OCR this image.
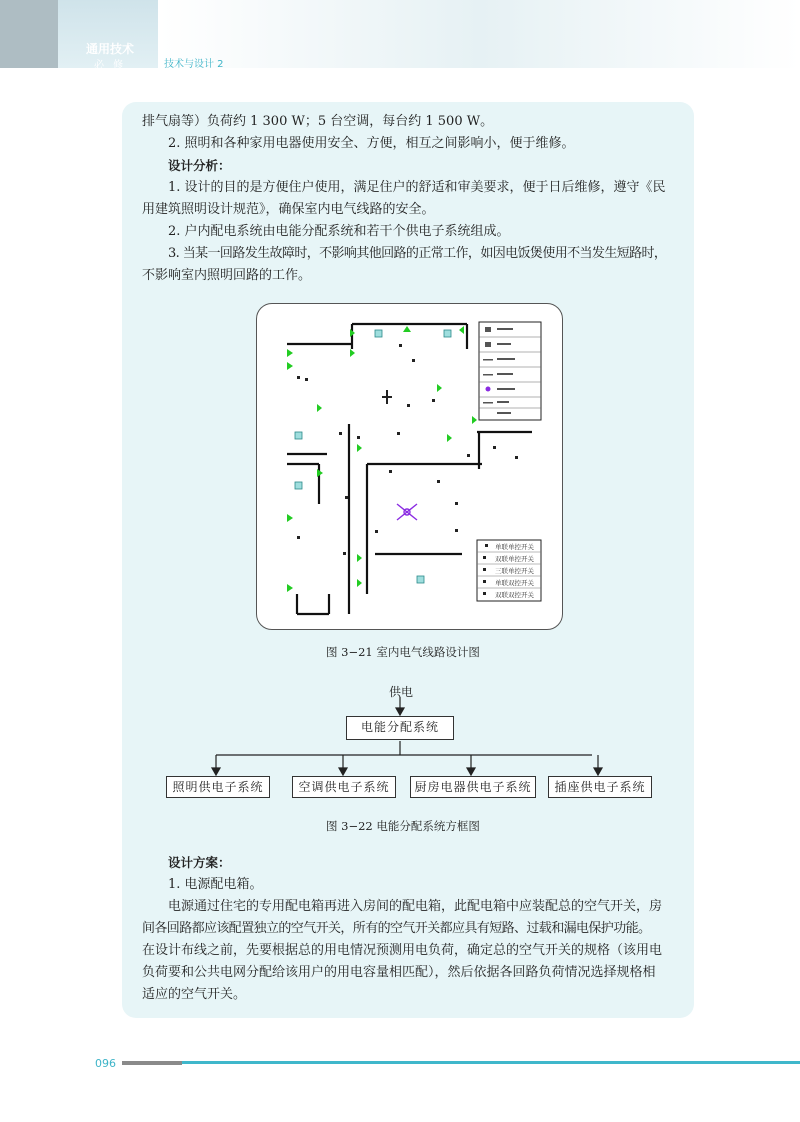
通用技术
必 修	技术与设计 2

排气扇等）负荷约 1 300 W；5 台空调，每台约 1 500 W。

2. 照明和各种家用电器使用安全、方便，相互之间影响小，便于维修。

设计分析：

1. 设计的目的是方便住户使用，满足住户的舒适和审美要求，便于日后维修，遵守《民

用建筑照明设计规范》，确保室内电气线路的安全。

2. 户内配电系统由电能分配系统和若干个供电子系统组成。

3. 当某一回路发生故障时，不影响其他回路的正常工作，如因电饭煲使用不当发生短路时，

不影响室内照明回路的工作。

单联单控开关
双联单控开关
三联单控开关
单联双控开关
双联双控开关
图 3−21 室内电气线路设计图
供电
电能分配系统
照明供电子系统	空调供电子系统	厨房电器供电子系统	插座供电子系统
图 3−22 电能分配系统方框图

设计方案：

1. 电源配电箱。

电源通过住宅的专用配电箱再进入房间的配电箱，此配电箱中应装配总的空气开关，房

间各回路都应该配置独立的空气开关，所有的空气开关都应具有短路、过载和漏电保护功能。

在设计布线之前，先要根据总的用电情况预测用电负荷，确定总的空气开关的规格（该用电

负荷要和公共电网分配给该用户的用电容量相匹配），然后依据各回路负荷情况选择规格相

适应的空气开关。

096
